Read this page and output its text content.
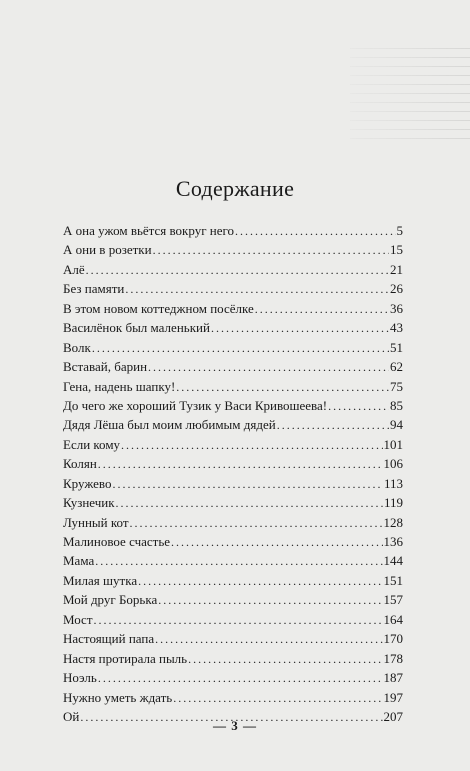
Содержание
А она ужом вьётся вокруг него .....	5
А они в розетки .....	15
Алё .....	21
Без памяти .....	26
В этом новом коттеджном посёлке .....	36
Василёнок был маленький .....	43
Волк .....	51
Вставай, барин .....	62
Гена, надень шапку! .....	75
До чего же хороший Тузик у Васи Кривошеева! .....	85
Дядя Лёша был моим любимым дядей .....	94
Если кому .....	101
Колян .....	106
Кружево .....	113
Кузнечик .....	119
Лунный кот .....	128
Малиновое счастье .....	136
Мама .....	144
Милая шутка .....	151
Мой друг Борька .....	157
Мост .....	164
Настоящий папа .....	170
Настя протирала пыль .....	178
Ноэль .....	187
Нужно уметь ждать .....	197
Ой .....	207
— 3 —
